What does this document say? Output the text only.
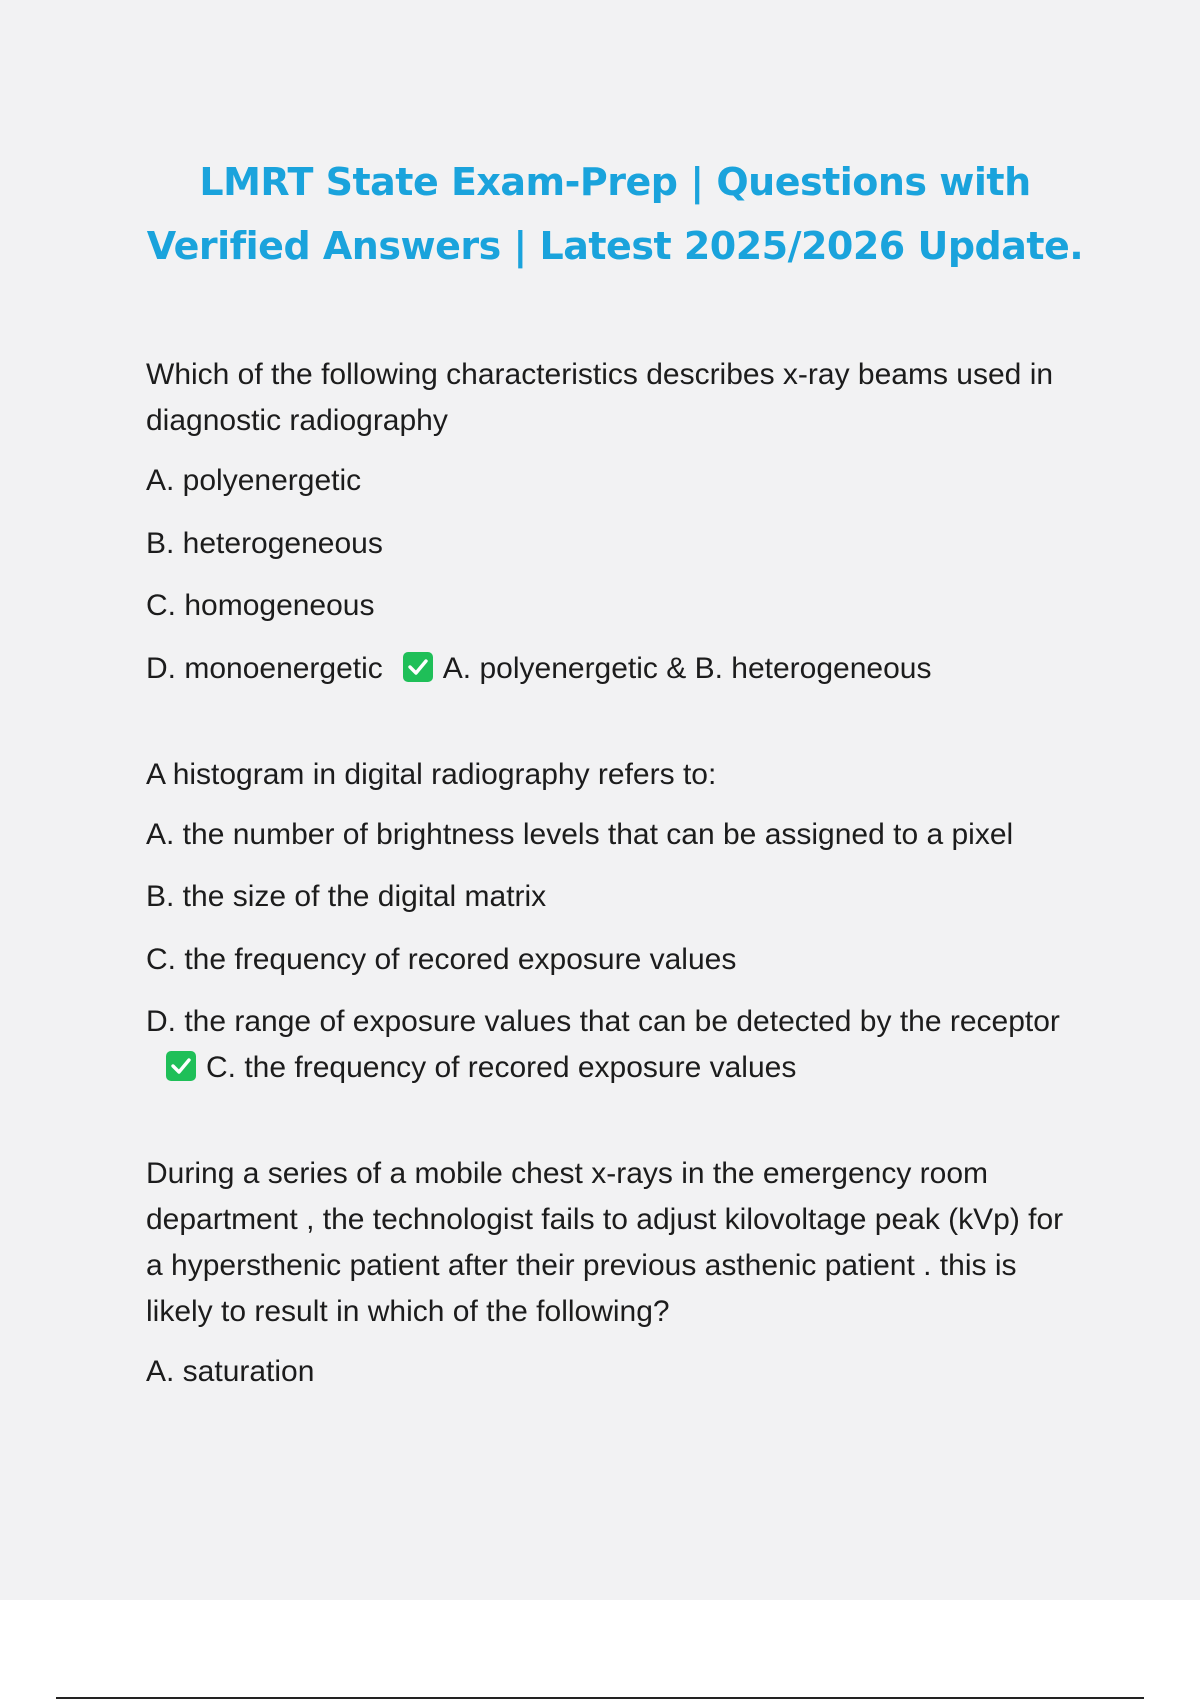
LMRT State Exam-Prep | Questions with
Verified Answers | Latest 2025/2026 Update.

Which of the following characteristics describes x-ray beams used in diagnostic radiography

A. polyenergetic

B. heterogeneous

C. homogeneous

D. monoenergetic A. polyenergetic & B. heterogeneous

A histogram in digital radiography refers to:

A. the number of brightness levels that can be assigned to a pixel

B. the size of the digital matrix

C. the frequency of recored exposure values

D. the range of exposure values that can be detected by the receptor
C. the frequency of recored exposure values

During a series of a mobile chest x-rays in the emergency room department , the technologist fails to adjust kilovoltage peak (kVp) for a hypersthenic patient after their previous asthenic patient . this is likely to result in which of the following?

A. saturation
